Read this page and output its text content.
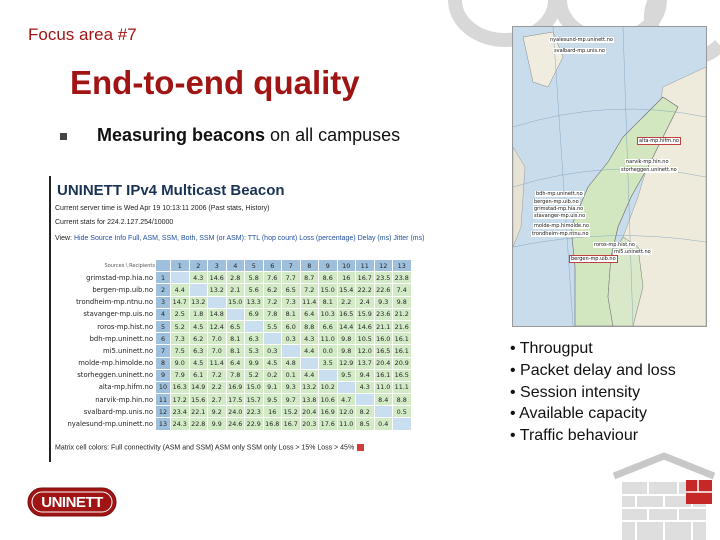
Focus area #7
End-to-end quality
Measuring beacons on all campuses
UNINETT IPv4 Multicast Beacon
Current server time is Wed Apr 19 10:13:11 2006 (Past stats, History)
Current stats for 224.2.127.254/10000
View: Hide Source Info Full, ASM, SSM, Both, SSM (or ASM): TTL (hop count) Loss (percentage) Delay (ms) Jitter (ms)
Sources \ Recipients		1	2	3	4	5	6	7	8	9	10	11	12	13
grimstad-mp.hia.no	1		4.3	14.6	2.8	5.8	7.6	7.7	8.7	8.6	16	16.7	23.5	23.8
bergen-mp.uib.no	2	4.4		13.2	2.1	5.6	6.2	6.5	7.2	15.0	15.4	22.2	22.6	7.4
trondheim-mp.ntnu.no	3	14.7	13.2		15.0	13.3	7.2	7.3	11.4	8.1	2.2	2.4	9.3	9.8
stavanger-mp.uis.no	4	2.5	1.8	14.8		6.9	7.8	8.1	6.4	10.3	16.5	15.9	23.6	21.2
roros-mp.hist.no	5	5.2	4.5	12.4	6.5		5.5	6.0	8.8	6.6	14.4	14.6	21.1	21.6
bdh-mp.uninett.no	6	7.3	6.2	7.0	8.1	6.3		0.3	4.3	11.0	9.8	10.5	16.0	16.1
mi5.uninett.no	7	7.5	6.3	7.0	8.1	5.3	0.3		4.4	0.0	9.8	12.0	16.5	16.1
molde-mp.himolde.no	8	9.0	4.5	11.4	6.4	9.9	4.5	4.8		3.5	12.9	13.7	20.4	20.9
storheggen.uninett.no	9	7.9	6.1	7.2	7.8	5.2	0.2	0.1	4.4		9.5	9.4	16.1	16.5
alta-mp.hifm.no	10	16.3	14.9	2.2	16.9	15.0	9.1	9.3	13.2	10.2		4.3	11.0	11.1
narvik-mp.hin.no	11	17.2	15.6	2.7	17.5	15.7	9.5	9.7	13.8	10.6	4.7		8.4	8.8
svalbard-mp.unis.no	12	23.4	22.1	9.2	24.0	22.3	16	15.2	20.4	16.9	12.0	8.2		0.5
nyalesund-mp.uninett.no	13	24.3	22.8	9.9	24.6	22.9	16.8	16.7	20.3	17.6	11.0	8.5	0.4	
Matrix cell colors: Full connectivity (ASM and SSM) ASM only SSM only Loss > 15% Loss > 45%
nyalesund-mp.uninett.no
svalbard-mp.unis.no
alta-mp.hifm.no
narvik-mp.hin.no
storheggen.uninett.no
bdh-mp.uninett.no
bergen-mp.uib.no
grimstad-mp.hia.no
stavanger-mp.uis.no
molde-mp.himolde.no
trondheim-mp.ntnu.no
roros-mp.hist.no
mi5.uninett.no
bergen-mp.uib.no
• Througput
• Packet delay and loss
• Session intensity
• Available capacity
• Traffic behaviour
UNINETT
